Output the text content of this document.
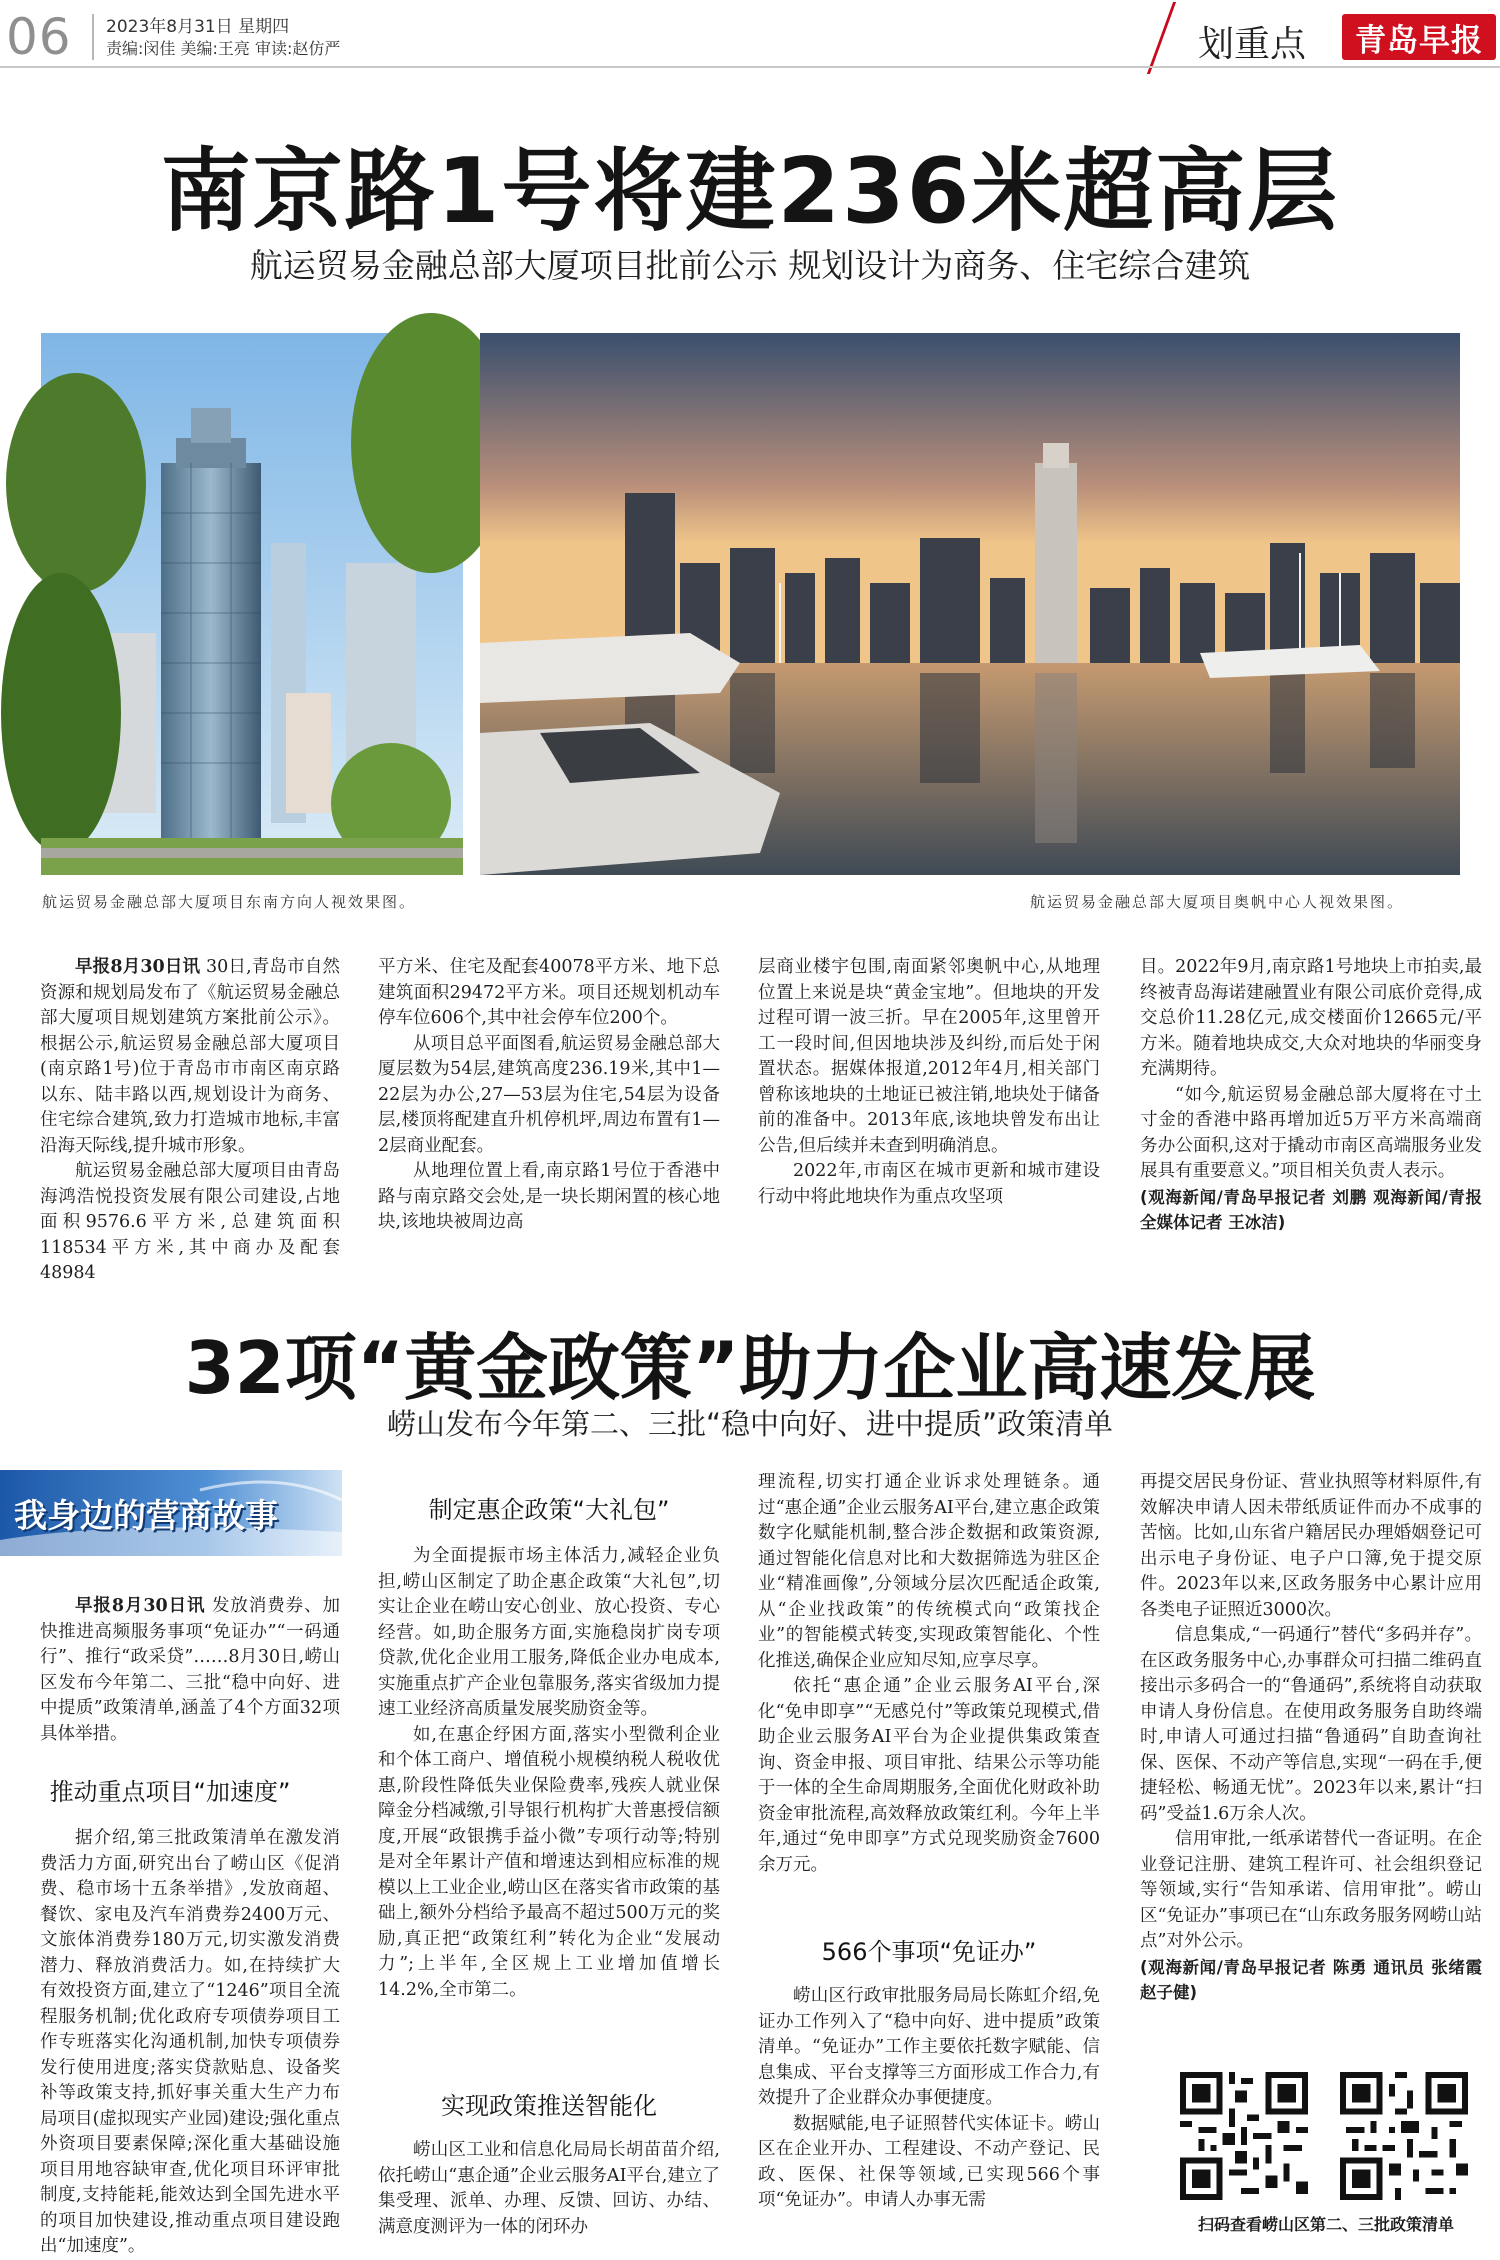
06 2023年8月31日 星期四
责编:闵佳 美编:王亮 审读:赵仿严	划重点	青岛早报
南京路1号将建236米超高层
航运贸易金融总部大厦项目批前公示 规划设计为商务、住宅综合建筑
航运贸易金融总部大厦项目东南方向人视效果图。	航运贸易金融总部大厦项目奥帆中心人视效果图。

早报8月30日讯 30日,青岛市自然资源和规划局发布了《航运贸易金融总部大厦项目规划建筑方案批前公示》。根据公示,航运贸易金融总部大厦项目(南京路1号)位于青岛市市南区南京路以东、陆丰路以西,规划设计为商务、住宅综合建筑,致力打造城市地标,丰富沿海天际线,提升城市形象。

航运贸易金融总部大厦项目由青岛海鸿浩悦投资发展有限公司建设,占地面积9576.6平方米,总建筑面积118534平方米,其中商办及配套48984

平方米、住宅及配套40078平方米、地下总建筑面积29472平方米。项目还规划机动车停车位606个,其中社会停车位200个。

从项目总平面图看,航运贸易金融总部大厦层数为54层,建筑高度236.19米,其中1—22层为办公,27—53层为住宅,54层为设备层,楼顶将配建直升机停机坪,周边布置有1—2层商业配套。

从地理位置上看,南京路1号位于香港中路与南京路交会处,是一块长期闲置的核心地块,该地块被周边高

层商业楼宇包围,南面紧邻奥帆中心,从地理位置上来说是块“黄金宝地”。但地块的开发过程可谓一波三折。早在2005年,这里曾开工一段时间,但因地块涉及纠纷,而后处于闲置状态。据媒体报道,2012年4月,相关部门曾称该地块的土地证已被注销,地块处于储备前的准备中。2013年底,该地块曾发布出让公告,但后续并未查到明确消息。

2022年,市南区在城市更新和城市建设行动中将此地块作为重点攻坚项

目。2022年9月,南京路1号地块上市拍卖,最终被青岛海诺建融置业有限公司底价竞得,成交总价11.28亿元,成交楼面价12665元/平方米。随着地块成交,大众对地块的华丽变身充满期待。

“如今,航运贸易金融总部大厦将在寸土寸金的香港中路再增加近5万平方米高端商务办公面积,这对于撬动市南区高端服务业发展具有重要意义。”项目相关负责人表示。

(观海新闻/青岛早报记者 刘鹏 观海新闻/青报全媒体记者 王冰洁)

32项“黄金政策”助力企业高速发展
崂山发布今年第二、三批“稳中向好、进中提质”政策清单
我身边的营商故事

早报8月30日讯 发放消费券、加快推进高频服务事项“免证办”“一码通行”、推行“政采贷”……8月30日,崂山区发布今年第二、三批“稳中向好、进中提质”政策清单,涵盖了4个方面32项具体举措。

推动重点项目“加速度”

据介绍,第三批政策清单在激发消费活力方面,研究出台了崂山区《促消费、稳市场十五条举措》,发放商超、餐饮、家电及汽车消费券2400万元、文旅体消费券180万元,切实激发消费潜力、释放消费活力。如,在持续扩大有效投资方面,建立了“1246”项目全流程服务机制;优化政府专项债券项目工作专班落实化沟通机制,加快专项债券发行使用进度;落实贷款贴息、设备奖补等政策支持,抓好事关重大生产力布局项目(虚拟现实产业园)建设;强化重点外资项目要素保障;深化重大基础设施项目用地容缺审查,优化项目环评审批制度,支持能耗,能效达到全国先进水平的项目加快建设,推动重点项目建设跑出“加速度”。

制定惠企政策“大礼包”

为全面提振市场主体活力,减轻企业负担,崂山区制定了助企惠企政策“大礼包”,切实让企业在崂山安心创业、放心投资、专心经营。如,助企服务方面,实施稳岗扩岗专项贷款,优化企业用工服务,降低企业办电成本,实施重点扩产企业包靠服务,落实省级加力提速工业经济高质量发展奖励资金等。

如,在惠企纾困方面,落实小型微利企业和个体工商户、增值税小规模纳税人税收优惠,阶段性降低失业保险费率,残疾人就业保障金分档减缴,引导银行机构扩大普惠授信额度,开展“政银携手益小微”专项行动等;特别是对全年累计产值和增速达到相应标准的规模以上工业企业,崂山区在落实省市政策的基础上,额外分档给予最高不超过500万元的奖励,真正把“政策红利”转化为企业“发展动力”;上半年,全区规上工业增加值增长14.2%,全市第二。

实现政策推送智能化

崂山区工业和信息化局局长胡苗苗介绍,依托崂山“惠企通”企业云服务AI平台,建立了集受理、派单、办理、反馈、回访、办结、满意度测评为一体的闭环办

理流程,切实打通企业诉求处理链条。通过“惠企通”企业云服务AI平台,建立惠企政策数字化赋能机制,整合涉企数据和政策资源,通过智能化信息对比和大数据筛选为驻区企业“精准画像”,分领域分层次匹配适企政策,从“企业找政策”的传统模式向“政策找企业”的智能模式转变,实现政策智能化、个性化推送,确保企业应知尽知,应享尽享。

依托“惠企通”企业云服务AI平台,深化“免申即享”“无感兑付”等政策兑现模式,借助企业云服务AI平台为企业提供集政策查询、资金申报、项目审批、结果公示等功能于一体的全生命周期服务,全面优化财政补助资金审批流程,高效释放政策红利。今年上半年,通过“免申即享”方式兑现奖励资金7600余万元。

566个事项“免证办”

崂山区行政审批服务局局长陈虹介绍,免证办工作列入了“稳中向好、进中提质”政策清单。“免证办”工作主要依托数字赋能、信息集成、平台支撑等三方面形成工作合力,有效提升了企业群众办事便捷度。

数据赋能,电子证照替代实体证卡。崂山区在企业开办、工程建设、不动产登记、民政、医保、社保等领域,已实现566个事项“免证办”。申请人办事无需

再提交居民身份证、营业执照等材料原件,有效解决申请人因未带纸质证件而办不成事的苦恼。比如,山东省户籍居民办理婚姻登记可出示电子身份证、电子户口簿,免于提交原件。2023年以来,区政务服务中心累计应用各类电子证照近3000次。

信息集成,“一码通行”替代“多码并存”。在区政务服务中心,办事群众可扫描二维码直接出示多码合一的“鲁通码”,系统将自动获取申请人身份信息。在使用政务服务自助终端时,申请人可通过扫描“鲁通码”自助查询社保、医保、不动产等信息,实现“一码在手,便捷轻松、畅通无忧”。2023年以来,累计“扫码”受益1.6万余人次。

信用审批,一纸承诺替代一沓证明。在企业登记注册、建筑工程许可、社会组织登记等领域,实行“告知承诺、信用审批”。崂山区“免证办”事项已在“山东政务服务网崂山站点”对外公示。

(观海新闻/青岛早报记者 陈勇 通讯员 张绪霞 赵子健)

扫码查看崂山区第二、三批政策清单
